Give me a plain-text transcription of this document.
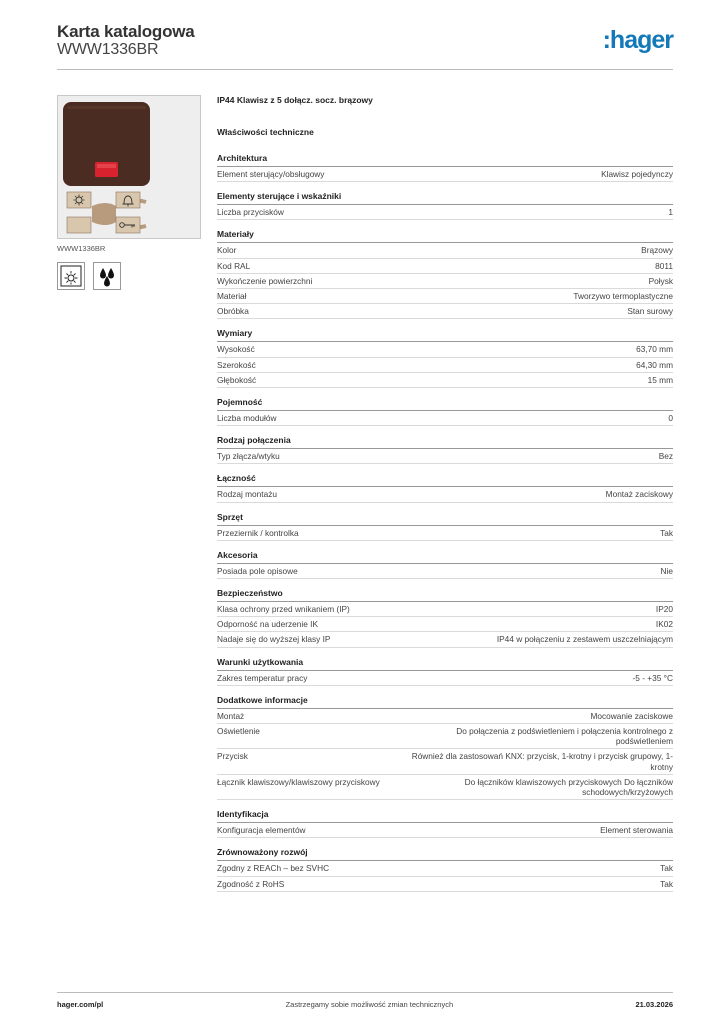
Karta katalogowa
WWW1336BR	:hager
WWW1336BR
IP44 Klawisz z 5 dołącz. socz. brązowy
Właściwości techniczne
Architektura
Element sterujący/obsługowy	Klawisz pojedynczy
Elementy sterujące i wskaźniki
Liczba przycisków	1
Materiały
Kolor	Brązowy
Kod RAL	8011
Wykończenie powierzchni	Połysk
Materiał	Tworzywo termoplastyczne
Obróbka	Stan surowy
Wymiary
Wysokość	63,70 mm
Szerokość	64,30 mm
Głębokość	15 mm
Pojemność
Liczba modułów	0
Rodzaj połączenia
Typ złącza/wtyku	Bez
Łączność
Rodzaj montażu	Montaż zaciskowy
Sprzęt
Przeziernik / kontrolka	Tak
Akcesoria
Posiada pole opisowe	Nie
Bezpieczeństwo
Klasa ochrony przed wnikaniem (IP)	IP20
Odporność na uderzenie IK	IK02
Nadaje się do wyższej klasy IP	IP44 w połączeniu z zestawem uszczelniającym
Warunki użytkowania
Zakres temperatur pracy	-5 - +35 °C
Dodatkowe informacje
Montaż	Mocowanie zaciskowe
Oświetlenie	Do połączenia z podświetleniem i połączenia kontrolnego z podświetleniem
Przycisk	Również dla zastosowań KNX: przycisk, 1-krotny i przycisk grupowy, 1-krotny
Łącznik klawiszowy/klawiszowy przyciskowy	Do łączników klawiszowych przyciskowych Do łączników schodowych/krzyżowych
Identyfikacja
Konfiguracja elementów	Element sterowania
Zrównoważony rozwój
Zgodny z REACh – bez SVHC	Tak
Zgodność z RoHS	Tak
hager.com/pl	Zastrzegamy sobie możliwość zmian technicznych	21.03.2026
